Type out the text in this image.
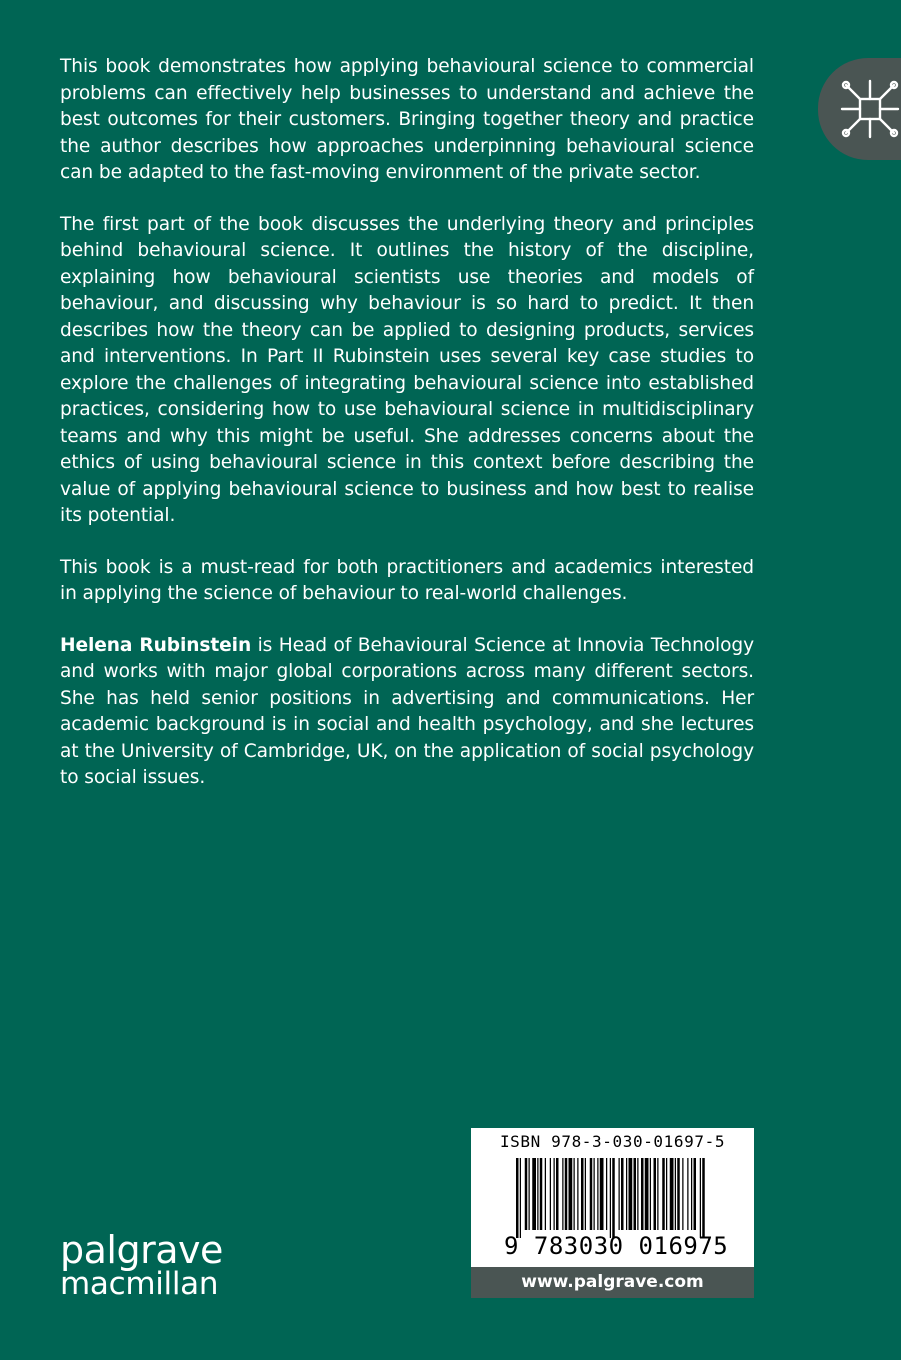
This book demonstrates how applying behavioural science to commercial problems can effectively help businesses to understand and achieve the best outcomes for their customers. Bringing together theory and practice the author describes how approaches underpinning behavioural science can be adapted to the fast-moving environment of the private sector.

The first part of the book discusses the underlying theory and principles behind behavioural science. It outlines the history of the discipline, explaining how behavioural scientists use theories and models of behaviour, and discussing why behaviour is so hard to predict. It then describes how the theory can be applied to designing products, services and interventions. In Part II Rubinstein uses several key case studies to explore the challenges of integrating behavioural science into established practices, considering how to use behavioural science in multidisciplinary teams and why this might be useful. She addresses concerns about the ethics of using behavioural science in this context before describing the value of applying behavioural science to business and how best to realise its potential.

This book is a must-read for both practitioners and academics interested in applying the science of behaviour to real-world challenges.

Helena Rubinstein is Head of Behavioural Science at Innovia Technology and works with major global corporations across many different sectors. She has held senior positions in advertising and communications. Her academic background is in social and health psychology, and she lectures at the University of Cambridge, UK, on the application of social psychology to social issues.

ISBN 978-3-030-01697-5
9 783030 016975
www.palgrave.com
palgrave
macmillan
